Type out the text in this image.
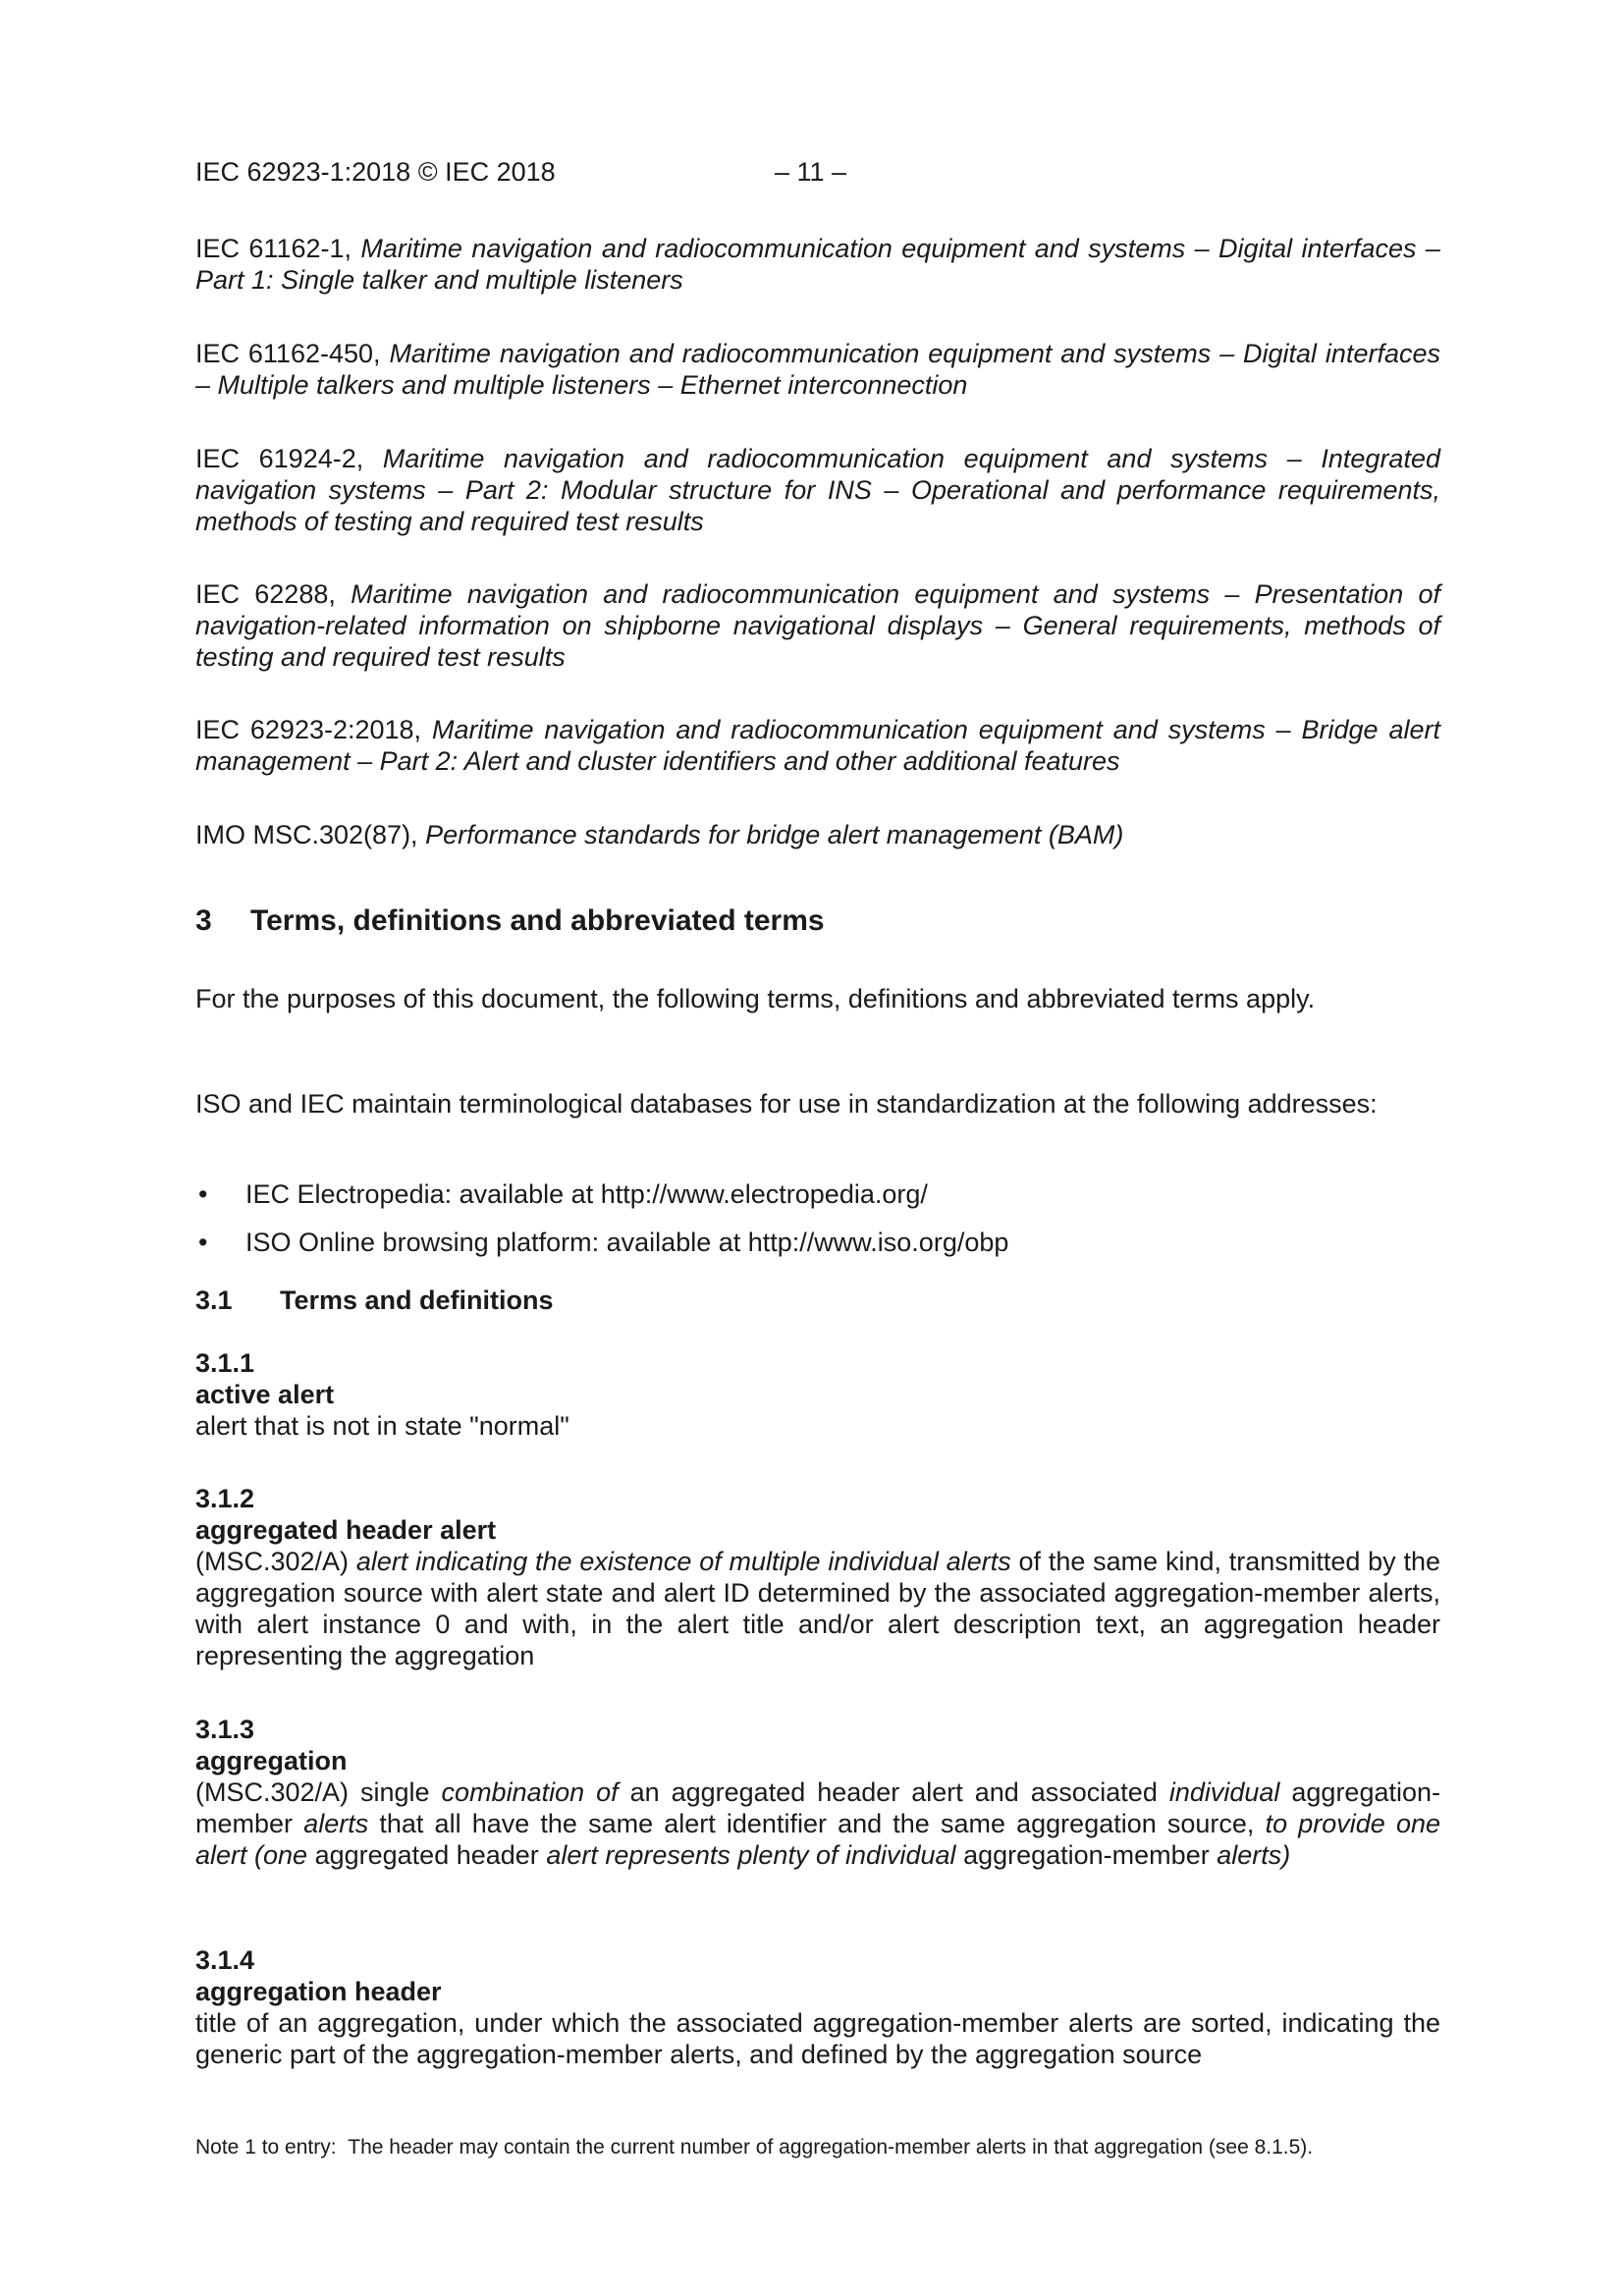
IEC 62923-1:2018 © IEC 2018	– 11 –

IEC 61162-1, Maritime navigation and radiocommunication equipment and systems – Digital interfaces – Part 1: Single talker and multiple listeners

IEC 61162-450, Maritime navigation and radiocommunication equipment and systems – Digital interfaces – Multiple talkers and multiple listeners – Ethernet interconnection

IEC 61924-2, Maritime navigation and radiocommunication equipment and systems – Integrated navigation systems – Part 2: Modular structure for INS – Operational and performance requirements, methods of testing and required test results

IEC 62288, Maritime navigation and radiocommunication equipment and systems – Presentation of navigation-related information on shipborne navigational displays – General requirements, methods of testing and required test results

IEC 62923-2:2018, Maritime navigation and radiocommunication equipment and systems – Bridge alert management – Part 2: Alert and cluster identifiers and other additional features

IMO MSC.302(87), Performance standards for bridge alert management (BAM)

3 Terms, definitions and abbreviated terms

For the purposes of this document, the following terms, definitions and abbreviated terms apply.

ISO and IEC maintain terminological databases for use in standardization at the following addresses:

• IEC Electropedia: available at http://www.electropedia.org/
• ISO Online browsing platform: available at http://www.iso.org/obp
3.1 Terms and definitions
3.1.1
active alert

alert that is not in state "normal"

3.1.2
aggregated header alert

(MSC.302/A) alert indicating the existence of multiple individual alerts of the same kind, transmitted by the aggregation source with alert state and alert ID determined by the associated aggregation-member alerts, with alert instance 0 and with, in the alert title and/or alert description text, an aggregation header representing the aggregation

3.1.3
aggregation

(MSC.302/A) single combination of an aggregated header alert and associated individual aggregation-member alerts that all have the same alert identifier and the same aggregation source, to provide one alert (one aggregated header alert represents plenty of individual aggregation-member alerts)

3.1.4
aggregation header

title of an aggregation, under which the associated aggregation-member alerts are sorted, indicating the generic part of the aggregation-member alerts, and defined by the aggregation source

Note 1 to entry: The header may contain the current number of aggregation-member alerts in that aggregation (see 8.1.5).
